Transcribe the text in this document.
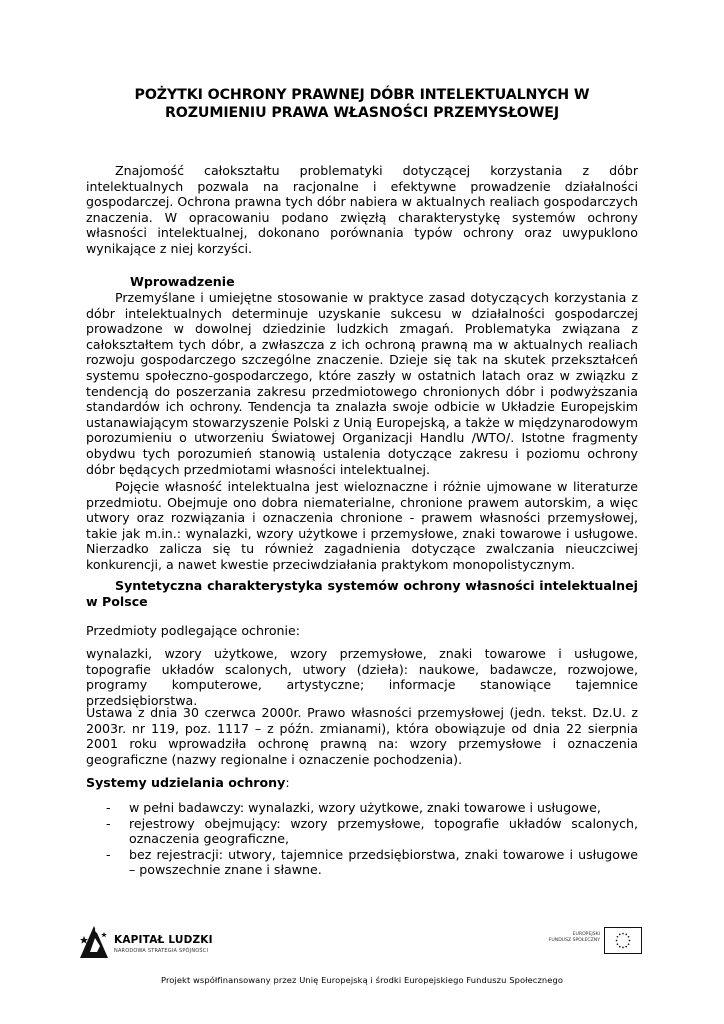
POŻYTKI OCHRONY PRAWNEJ DÓBR INTELEKTUALNYCH W ROZUMIENIU PRAWA WŁASNOŚCI PRZEMYSŁOWEJ

Znajomość całokształtu problematyki dotyczącej korzystania z dóbr intelektualnych pozwala na racjonalne i efektywne prowadzenie działalności gospodarczej. Ochrona prawna tych dóbr nabiera w aktualnych realiach gospodarczych znaczenia. W opracowaniu podano zwięzłą charakterystykę systemów ochrony własności intelektualnej, dokonano porównania typów ochrony oraz uwypuklono wynikające z niej korzyści.

Wprowadzenie

Przemyślane i umiejętne stosowanie w praktyce zasad dotyczących korzystania z dóbr intelektualnych determinuje uzyskanie sukcesu w działalności gospodarczej prowadzone w dowolnej dziedzinie ludzkich zmagań. Problematyka związana z całokształtem tych dóbr, a zwłaszcza z ich ochroną prawną ma w aktualnych realiach rozwoju gospodarczego szczególne znaczenie. Dzieje się tak na skutek przekształceń systemu społeczno-gospodarczego, które zaszły w ostatnich latach oraz w związku z tendencją do poszerzania zakresu przedmiotowego chronionych dóbr i podwyższania standardów ich ochrony. Tendencja ta znalazła swoje odbicie w Układzie Europejskim ustanawiającym stowarzyszenie Polski z Unią Europejską, a także w międzynarodowym porozumieniu o utworzeniu Światowej Organizacji Handlu /WTO/. Istotne fragmenty obydwu tych porozumień stanowią ustalenia dotyczące zakresu i poziomu ochrony dóbr będących przedmiotami własności intelektualnej.

Pojęcie własność intelektualna jest wieloznaczne i różnie ujmowane w literaturze przedmiotu. Obejmuje ono dobra niematerialne, chronione prawem autorskim, a więc utwory oraz rozwiązania i oznaczenia chronione - prawem własności przemysłowej, takie jak m.in.: wynalazki, wzory użytkowe i przemysłowe, znaki towarowe i usługowe. Nierzadko zalicza się tu również zagadnienia dotyczące zwalczania nieuczciwej konkurencji, a nawet kwestie przeciwdziałania praktykom monopolistycznym.

Syntetyczna charakterystyka systemów ochrony własności intelektualnej w Polsce

Przedmioty podlegające ochronie:
wynalazki, wzory użytkowe, wzory przemysłowe, znaki towarowe i usługowe, topografie układów scalonych, utwory (dzieła): naukowe, badawcze, rozwojowe, programy komputerowe, artystyczne; informacje stanowiące tajemnice przedsiębiorstwa.
Ustawa z dnia 30 czerwca 2000r. Prawo własności przemysłowej (jedn. tekst. Dz.U. z 2003r. nr 119, poz. 1117 – z późn. zmianami), która obowiązuje od dnia 22 sierpnia 2001 roku wprowadziła ochronę prawną na: wzory przemysłowe i oznaczenia geograficzne (nazwy regionalne i oznaczenie pochodzenia).
Systemy udzielania ochrony:
- w pełni badawczy: wynalazki, wzory użytkowe, znaki towarowe i usługowe,
- rejestrowy obejmujący: wzory przemysłowe, topografie układów scalonych, oznaczenia geograficzne,
- bez rejestracji: utwory, tajemnice przedsiębiorstwa, znaki towarowe i usługowe – powszechnie znane i sławne.
KAPITAŁ LUDZKI
NARODOWA STRATEGIA SPÓJNOŚCI
EUROPEJSKI
FUNDUSZ SPOŁECZNY
Projekt współfinansowany przez Unię Europejską i środki Europejskiego Funduszu Społecznego
